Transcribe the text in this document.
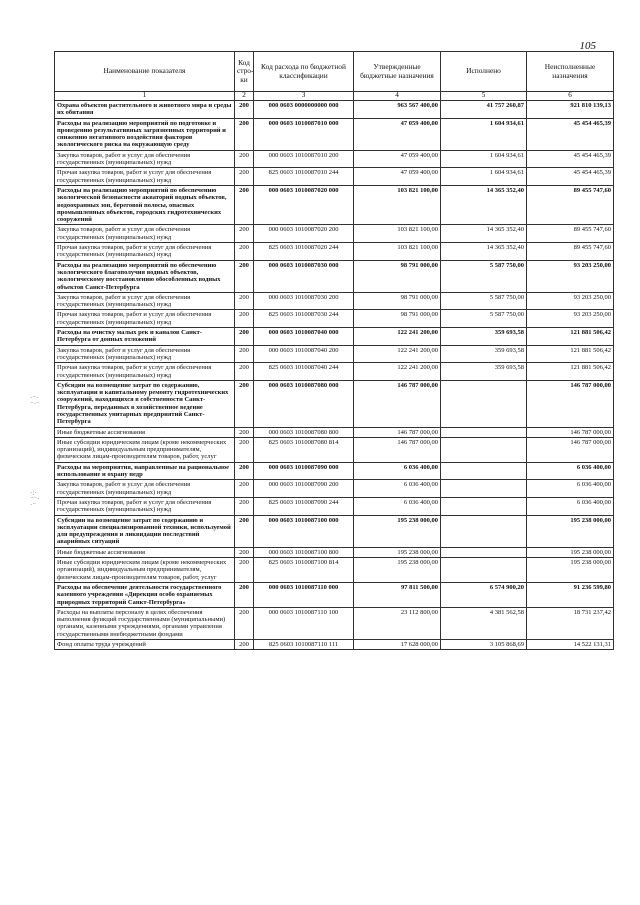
105
·⁻·
⁻·⁻
·:·
⁻⁻·
·⁻
Наименование показателя	Код стро-ки	Код расхода по бюджетной классификации	Утвержденные бюджетные назначения	Исполнено	Неисполненные назначения
1	2	3	4	5	6
Охрана объектов растительного и животного мира и среды их обитания	200	000 0603 0000000000 000	963 567 400,00	41 757 260,87	921 810 139,13
Расходы на реализацию мероприятий по подготовке и проведению результативных загрязненных территорий и снижению негативного воздействия факторов экологического риска на окружающую среду	200	000 0603 1010087010 000	47 059 400,00	1 604 934,61	45 454 465,39
Закупка товаров, работ и услуг для обеспечения государственных (муниципальных) нужд	200	000 0603 1010087010 200	47 059 400,00	1 604 934,61	45 454 465,39
Прочая закупка товаров, работ и услуг для обеспечения государственных (муниципальных) нужд	200	825 0603 1010087010 244	47 059 400,00	1 604 934,61	45 454 465,39
Расходы на реализацию мероприятий по обеспечению экологической безопасности акваторий водных объектов, водоохранных зон, береговой полосы, опасных промышленных объектов, городских гидротехнических сооружений	200	000 0603 1010087020 000	103 821 100,00	14 365 352,40	89 455 747,60
Закупка товаров, работ и услуг для обеспечения государственных (муниципальных) нужд	200	000 0603 1010087020 200	103 821 100,00	14 365 352,40	89 455 747,60
Прочая закупка товаров, работ и услуг для обеспечения государственных (муниципальных) нужд	200	825 0603 1010087020 244	103 821 100,00	14 365 352,40	89 455 747,60
Расходы на реализацию мероприятий по обеспечению экологического благополучия водных объектов, экологическому восстановлению обособленных водных объектов Санкт-Петербурга	200	000 0603 1010087030 000	98 791 000,00	5 587 750,00	93 203 250,00
Закупка товаров, работ и услуг для обеспечения государственных (муниципальных) нужд	200	000 0603 1010087030 200	98 791 000,00	5 587 750,00	93 203 250,00
Прочая закупка товаров, работ и услуг для обеспечения государственных (муниципальных) нужд	200	825 0603 1010087030 244	98 791 000,00	5 587 750,00	93 203 250,00
Расходы на очистку малых рек и каналов Санкт-Петербурга от донных отложений	200	000 0603 1010087040 000	122 241 200,00	359 693,58	121 881 506,42
Закупка товаров, работ и услуг для обеспечения государственных (муниципальных) нужд	200	000 0603 1010087040 200	122 241 200,00	359 693,58	121 881 506,42
Прочая закупка товаров, работ и услуг для обеспечения государственных (муниципальных) нужд	200	825 0603 1010087040 244	122 241 200,00	359 693,58	121 881 506,42
Субсидии на возмещение затрат по содержанию, эксплуатации и капитальному ремонту гидротехнических сооружений, находящихся в собственности Санкт-Петербурга, переданных в хозяйственное ведение государственных унитарных предприятий Санкт-Петербурга	200	000 0603 1010087080 000	146 787 000,00		146 787 000,00
Иные бюджетные ассигнования	200	000 0603 1010087080 800	146 787 000,00		146 787 000,00
Иные субсидии юридическим лицам (кроме некоммерческих организаций), индивидуальным предпринимателям, физическим лицам-производителям товаров, работ, услуг	200	825 0603 1010087080 814	146 787 000,00		146 787 000,00
Расходы на мероприятия, направленные на рациональное использование и охрану недр	200	000 0603 1010087090 000	6 036 400,00		6 036 400,00
Закупка товаров, работ и услуг для обеспечения государственных (муниципальных) нужд	200	000 0603 1010087090 200	6 036 400,00		6 036 400,00
Прочая закупка товаров, работ и услуг для обеспечения государственных (муниципальных) нужд	200	825 0603 1010087090 244	6 036 400,00		6 036 400,00
Субсидии на возмещение затрат по содержанию и эксплуатации специализированной техники, используемой для предупреждения и ликвидации последствий аварийных ситуаций	200	000 0603 1010087100 000	195 238 000,00		195 238 000,00
Иные бюджетные ассигнования	200	000 0603 1010087100 800	195 238 000,00		195 238 000,00
Иные субсидии юридическим лицам (кроме некоммерческих организаций), индивидуальным предпринимателям, физическим лицам-производителям товаров, работ, услуг	200	825 0603 1010087100 814	195 238 000,00		195 238 000,00
Расходы на обеспечение деятельности государственного казенного учреждения «Дирекция особо охраняемых природных территорий Санкт-Петербурга»	200	000 0603 1010087110 000	97 811 500,00	6 574 900,20	91 236 599,80
Расходы на выплаты персоналу в целях обеспечения выполнения функций государственными (муниципальными) органами, казенными учреждениями, органами управления государственными внебюджетными фондами	200	000 0603 1010087110 100	23 112 800,00	4 381 562,58	18 731 237,42
Фонд оплаты труда учреждений	200	825 0603 1010087110 111	17 628 000,00	3 105 868,69	14 522 131,31
